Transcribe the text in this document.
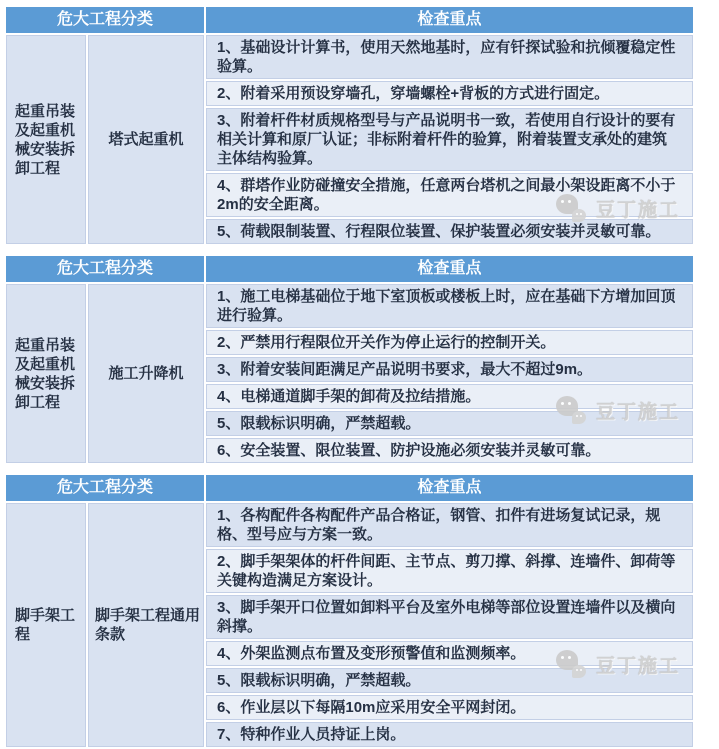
危大工程分类		检查重点
起重吊装及起重机械安装拆卸工程	塔式起重机	1、基础设计计算书，使用天然地基时，应有钎探试验和抗倾覆稳定性验算。
		2、附着采用预设穿墙孔，穿墙螺栓+背板的方式进行固定。
		3、附着杆件材质规格型号与产品说明书一致，若使用自行设计的要有相关计算和原厂认证；非标附着杆件的验算，附着装置支承处的建筑主体结构验算。
		4、群塔作业防碰撞安全措施，任意两台塔机之间最小架设距离不小于2m的安全距离。
		5、荷载限制装置、行程限位装置、保护装置必须安装并灵敏可靠。
危大工程分类		检查重点
起重吊装及起重机械安装拆卸工程	施工升降机	1、施工电梯基础位于地下室顶板或楼板上时，应在基础下方增加回顶进行验算。
		2、严禁用行程限位开关作为停止运行的控制开关。
		3、附着安装间距满足产品说明书要求，最大不超过9m。
		4、电梯通道脚手架的卸荷及拉结措施。
		5、限载标识明确，严禁超载。
		6、安全装置、限位装置、防护设施必须安装并灵敏可靠。
危大工程分类		检查重点
脚手架工程	脚手架工程通用条款	1、各构配件各构配件产品合格证，钢管、扣件有进场复试记录，规格、型号应与方案一致。
		2、脚手架架体的杆件间距、主节点、剪刀撑、斜撑、连墙件、卸荷等关键构造满足方案设计。
		3、脚手架开口位置如卸料平台及室外电梯等部位设置连墙件以及横向斜撑。
		4、外架监测点布置及变形预警值和监测频率。
		5、限载标识明确，严禁超载。
		6、作业层以下每隔10m应采用安全平网封闭。
		7、特种作业人员持证上岗。
豆丁施工
豆丁施工
豆丁施工
